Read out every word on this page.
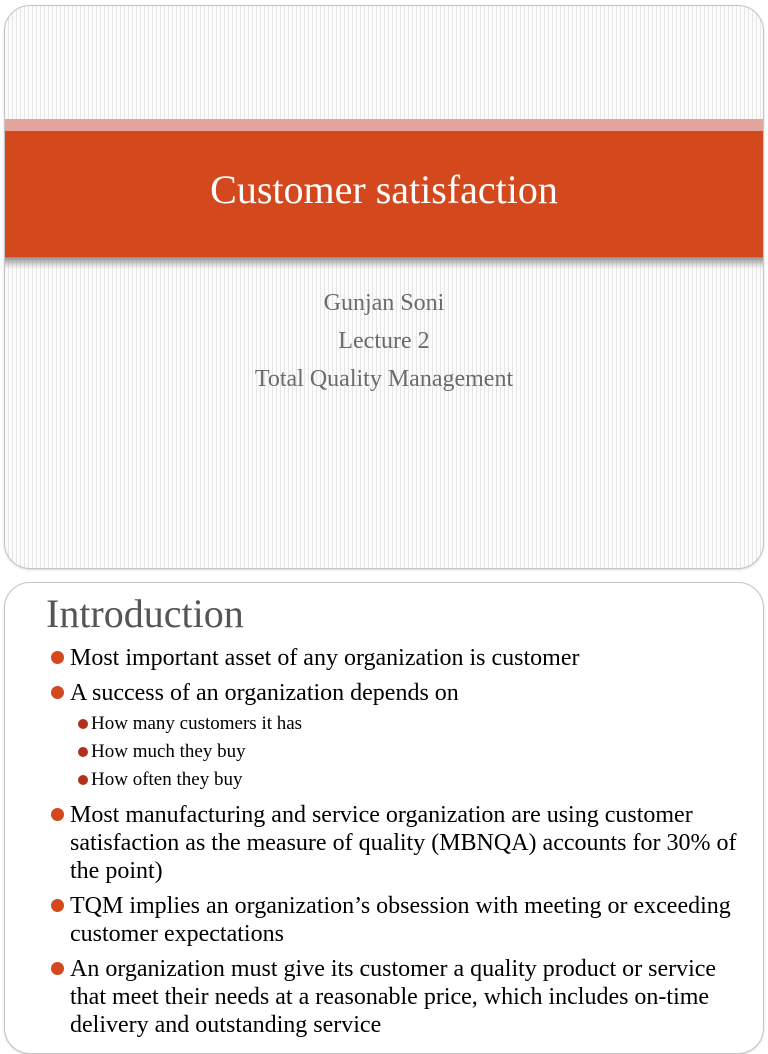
Customer satisfaction
Gunjan Soni
Lecture 2
Total Quality Management
Introduction
Most important asset of any organization is customer
A success of an organization depends on
How many customers it has
How much they buy
How often they buy
Most manufacturing and service organization are using customer satisfaction as the measure of quality (MBNQA) accounts for 30% of the point)
TQM implies an organization’s obsession with meeting or exceeding customer expectations
An organization must give its customer a quality product or service that meet their needs at a reasonable price, which includes on-time delivery and outstanding service
